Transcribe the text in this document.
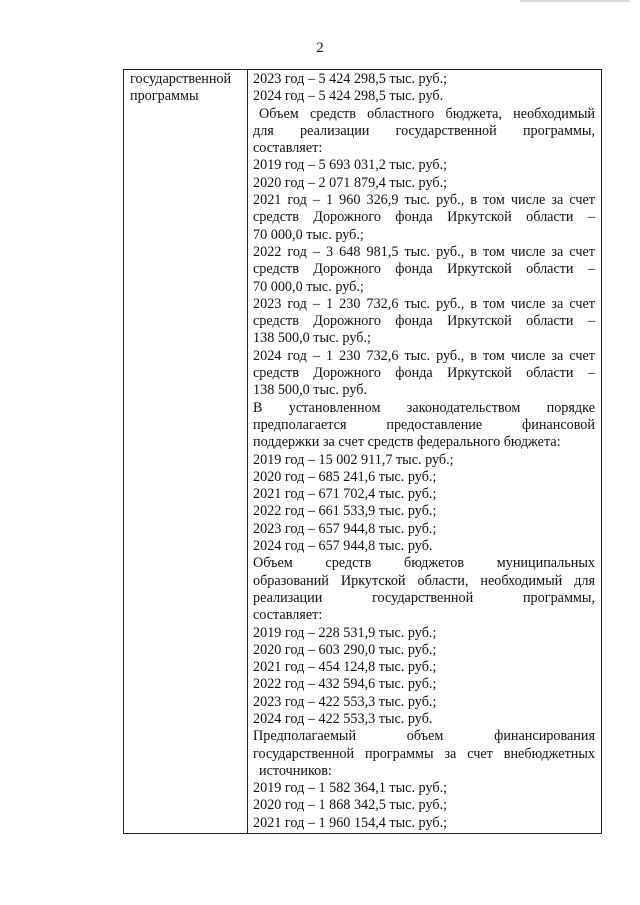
2
государственной
программы
2023 год – 5 424 298,5 тыс. руб.;
2024 год – 5 424 298,5 тыс. руб.
Объем средств областного бюджета, необходимый
для реализации государственной программы,
составляет:
2019 год – 5 693 031,2 тыс. руб.;
2020 год – 2 071 879,4 тыс. руб.;
2021 год – 1 960 326,9 тыс. руб., в том числе за счет
средств Дорожного фонда Иркутской области –
70 000,0 тыс. руб.;
2022 год – 3 648 981,5 тыс. руб., в том числе за счет
средств Дорожного фонда Иркутской области –
70 000,0 тыс. руб.;
2023 год – 1 230 732,6 тыс. руб., в том числе за счет
средств Дорожного фонда Иркутской области –
138 500,0 тыс. руб.;
2024 год – 1 230 732,6 тыс. руб., в том числе за счет
средств Дорожного фонда Иркутской области –
138 500,0 тыс. руб.
В установленном законодательством порядке
предполагается предоставление финансовой
поддержки за счет средств федерального бюджета:
2019 год – 15 002 911,7 тыс. руб.;
2020 год – 685 241,6 тыс. руб.;
2021 год – 671 702,4 тыс. руб.;
2022 год – 661 533,9 тыс. руб.;
2023 год – 657 944,8 тыс. руб.;
2024 год – 657 944,8 тыс. руб.
Объем средств бюджетов муниципальных
образований Иркутской области, необходимый для
реализации государственной программы,
составляет:
2019 год – 228 531,9 тыс. руб.;
2020 год – 603 290,0 тыс. руб.;
2021 год – 454 124,8 тыс. руб.;
2022 год – 432 594,6 тыс. руб.;
2023 год – 422 553,3 тыс. руб.;
2024 год – 422 553,3 тыс. руб.
Предполагаемый объем финансирования
государственной программы за счет внебюджетных
источников:
2019 год – 1 582 364,1 тыс. руб.;
2020 год – 1 868 342,5 тыс. руб.;
2021 год – 1 960 154,4 тыс. руб.;
